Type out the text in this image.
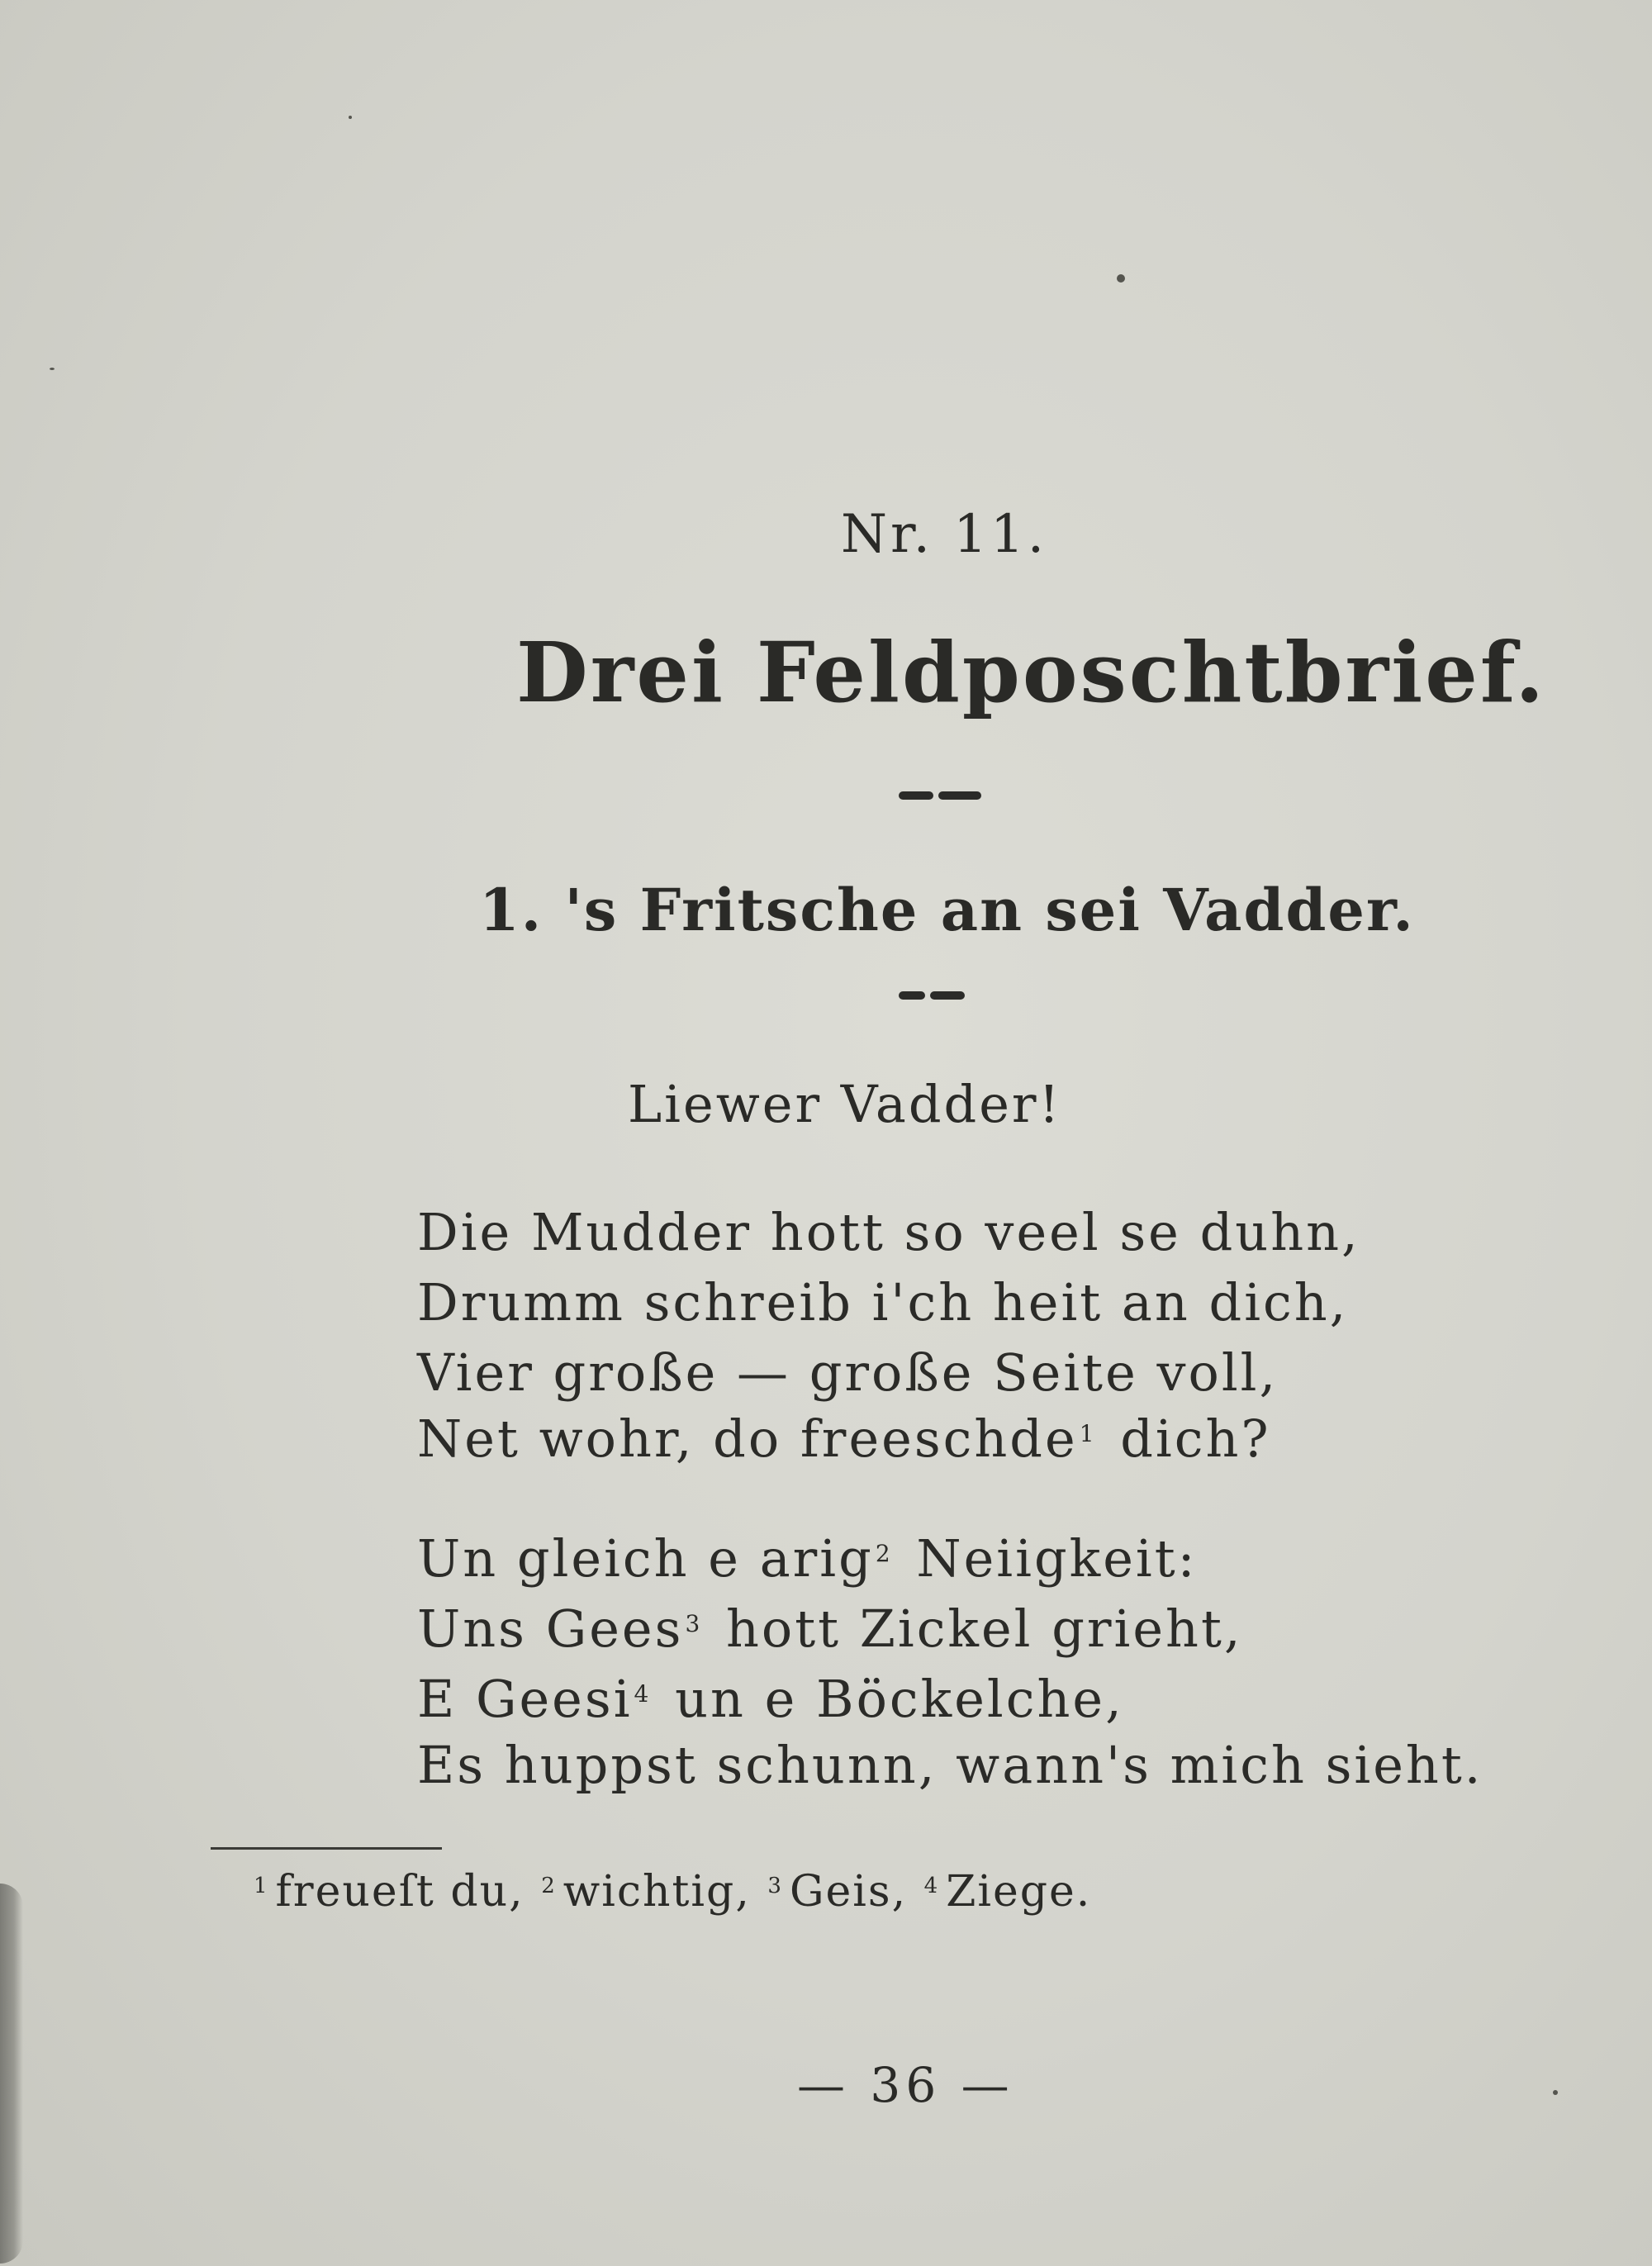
Nr. 11.
Drei Feldposchtbrief.
1. 's Fritsche an sei Vadder.
Liewer Vadder!
Die Mudder hott so veel se duhn,
Drumm schreib i'ch heit an dich,
Vier große — große Seite voll,
Net wohr, do freeschde$^1$ dich?
Un gleich e arig$^2$ Neiigkeit:
Uns Gees$^3$ hott Zickel grieht,
E Geesi$^4$ un e Böckelche,
Es huppst schunn, wann's mich sieht.
$^1$ freueſt du, $^2$ wichtig, $^3$ Geis, $^4$ Ziege.
— 36 —
